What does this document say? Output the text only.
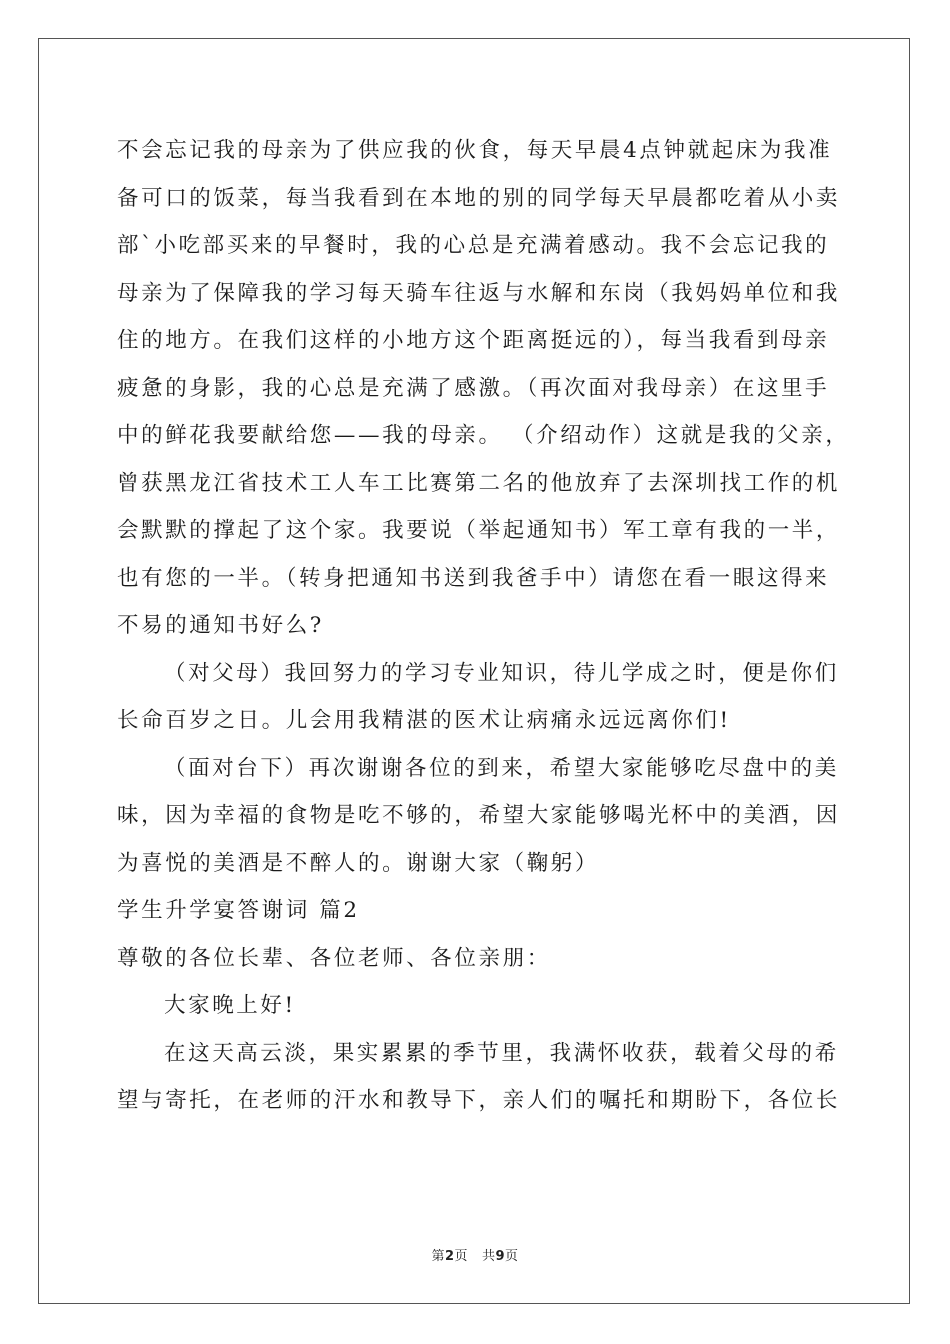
不会忘记我的母亲为了供应我的伙食，每天早晨4点钟就起床为我准
备可口的饭菜，每当我看到在本地的别的同学每天早晨都吃着从小卖
部`小吃部买来的早餐时，我的心总是充满着感动。我不会忘记我的
母亲为了保障我的学习每天骑车往返与水解和东岗（我妈妈单位和我
住的地方。在我们这样的小地方这个距离挺远的），每当我看到母亲
疲惫的身影，我的心总是充满了感激。（再次面对我母亲）在这里手
中的鲜花我要献给您——我的母亲。 （介绍动作）这就是我的父亲，
曾获黑龙江省技术工人车工比赛第二名的他放弃了去深圳找工作的机
会默默的撑起了这个家。我要说（举起通知书）军工章有我的一半，
也有您的一半。（转身把通知书送到我爸手中）请您在看一眼这得来
不易的通知书好么?
（对父母）我回努力的学习专业知识，待儿学成之时，便是你们
长命百岁之日。儿会用我精湛的医术让病痛永远远离你们!
（面对台下）再次谢谢各位的到来，希望大家能够吃尽盘中的美
味，因为幸福的食物是吃不够的，希望大家能够喝光杯中的美酒，因
为喜悦的美酒是不醉人的。谢谢大家（鞠躬）
学生升学宴答谢词 篇2
尊敬的各位长辈、各位老师、各位亲朋：
大家晚上好!
在这天高云淡，果实累累的季节里，我满怀收获，载着父母的希
望与寄托，在老师的汗水和教导下，亲人们的嘱托和期盼下，各位长
第2页 共9页
